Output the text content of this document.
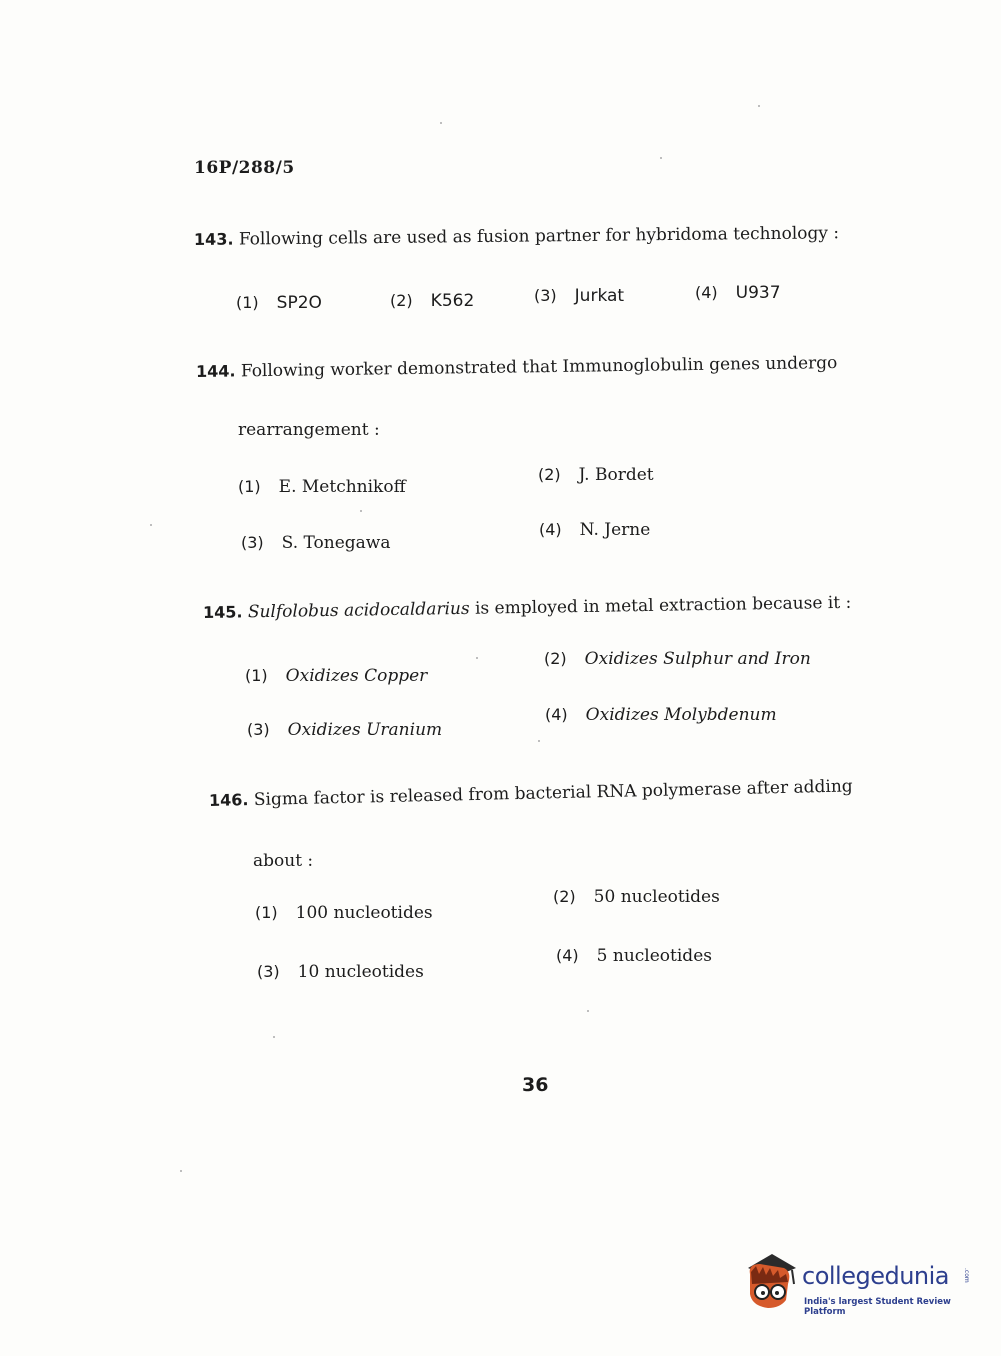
16P/288/5
143. Following cells are used as fusion partner for hybridoma technology :
(1) SP2O	(2) K562	(3) Jurkat	(4) U937
144. Following worker demonstrated that Immunoglobulin genes undergo
rearrangement :
(1) E. Metchnikoff
(2) J. Bordet
(3) S. Tonegawa
(4) N. Jerne
145. Sulfolobus acidocaldarius is employed in metal extraction because it :
(1) Oxidizes Copper
(2) Oxidizes Sulphur and Iron
(3) Oxidizes Uranium
(4) Oxidizes Molybdenum
146. Sigma factor is released from bacterial RNA polymerase after adding
about :
(1) 100 nucleotides
(2) 50 nucleotides
(3) 10 nucleotides
(4) 5 nucleotides
36
collegedunia .com
India's largest Student Review Platform
